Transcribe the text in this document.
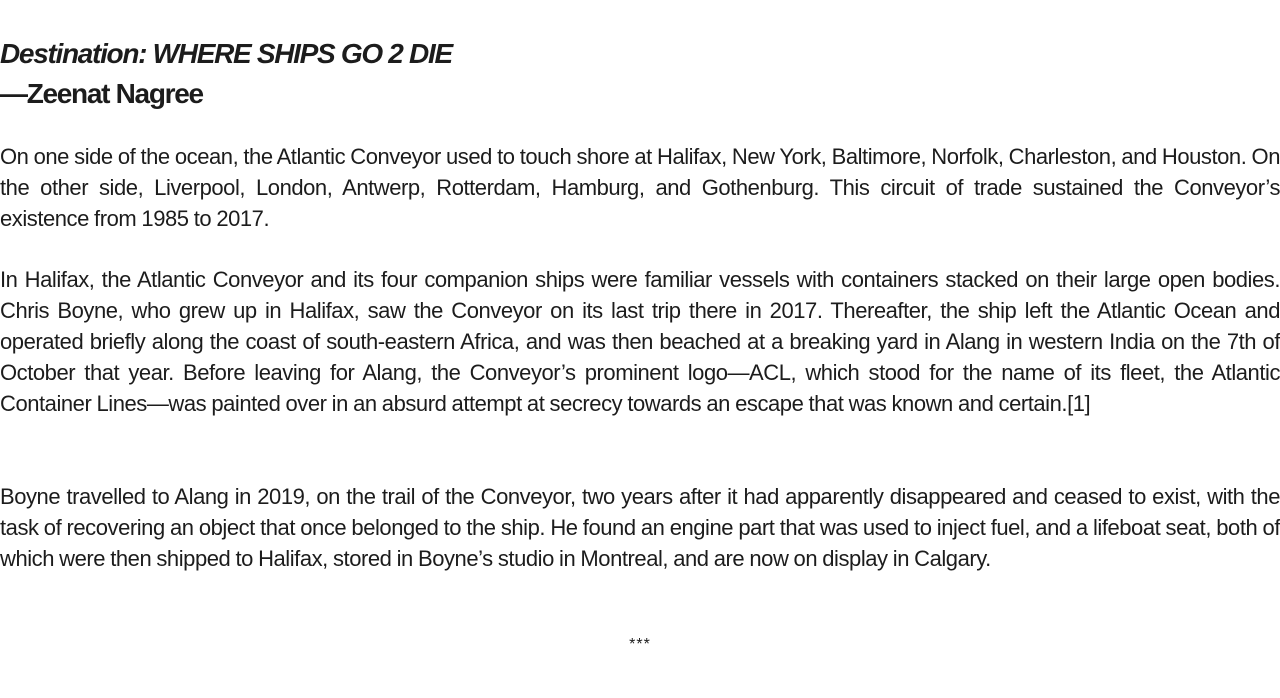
Destination: WHERE SHIPS GO 2 DIE
—Zeenat Nagree

On one side of the ocean, the Atlantic Conveyor used to touch shore at Halifax, New York, Baltimore, Norfolk, Charleston, and Houston. On the other side, Liverpool, London, Antwerp, Rotterdam, Hamburg, and Gothenburg. This circuit of trade sustained the Conveyor’s existence from 1985 to 2017.

In Halifax, the Atlantic Conveyor and its four companion ships were familiar vessels with containers stacked on their large open bodies. Chris Boyne, who grew up in Halifax, saw the Conveyor on its last trip there in 2017. Thereafter, the ship left the Atlantic Ocean and operated briefly along the coast of south-eastern Africa, and was then beached at a breaking yard in Alang in western India on the 7th of October that year. Before leaving for Alang, the Conveyor’s prominent logo—ACL, which stood for the name of its fleet, the Atlantic Container Lines—was painted over in an absurd attempt at secrecy towards an escape that was known and certain.[1]

Boyne travelled to Alang in 2019, on the trail of the Conveyor, two years after it had apparently disappeared and ceased to exist, with the task of recovering an object that once belonged to the ship. He found an engine part that was used to inject fuel, and a lifeboat seat, both of which were then shipped to Halifax, stored in Boyne’s studio in Montreal, and are now on display in Calgary.

***
